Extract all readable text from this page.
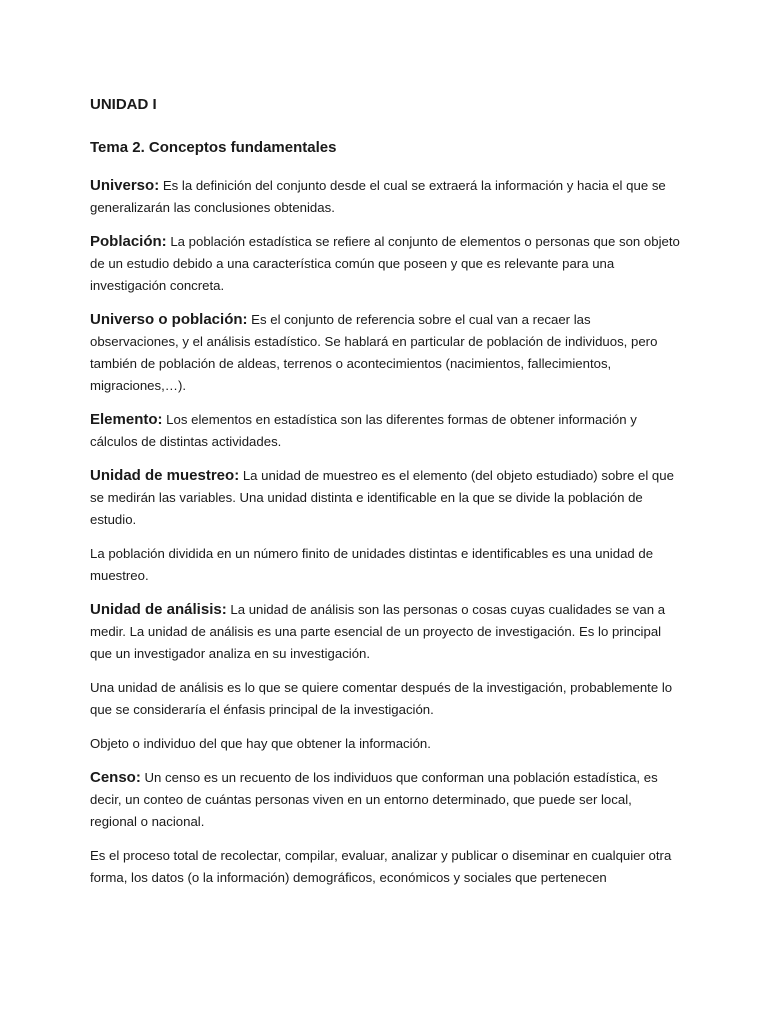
UNIDAD I
Tema 2. Conceptos fundamentales

Universo: Es la definición del conjunto desde el cual se extraerá la información y hacia el que se generalizarán las conclusiones obtenidas.

Población: La población estadística se refiere al conjunto de elementos o personas que son objeto de un estudio debido a una característica común que poseen y que es relevante para una investigación concreta.

Universo o población: Es el conjunto de referencia sobre el cual van a recaer las observaciones, y el análisis estadístico. Se hablará en particular de población de individuos, pero también de población de aldeas, terrenos o acontecimientos (nacimientos, fallecimientos, migraciones,…).

Elemento: Los elementos en estadística son las diferentes formas de obtener información y cálculos de distintas actividades.

Unidad de muestreo: La unidad de muestreo es el elemento (del objeto estudiado) sobre el que se medirán las variables. Una unidad distinta e identificable en la que se divide la población de estudio.

La población dividida en un número finito de unidades distintas e identificables es una unidad de muestreo.

Unidad de análisis: La unidad de análisis son las personas o cosas cuyas cualidades se van a medir. La unidad de análisis es una parte esencial de un proyecto de investigación. Es lo principal que un investigador analiza en su investigación.

Una unidad de análisis es lo que se quiere comentar después de la investigación, probablemente lo que se consideraría el énfasis principal de la investigación.

Objeto o individuo del que hay que obtener la información.

Censo: Un censo es un recuento de los individuos que conforman una población estadística, es decir, un conteo de cuántas personas viven en un entorno determinado, que puede ser local, regional o nacional.

Es el proceso total de recolectar, compilar, evaluar, analizar y publicar o diseminar en cualquier otra forma, los datos (o la información) demográficos, económicos y sociales que pertenecen
